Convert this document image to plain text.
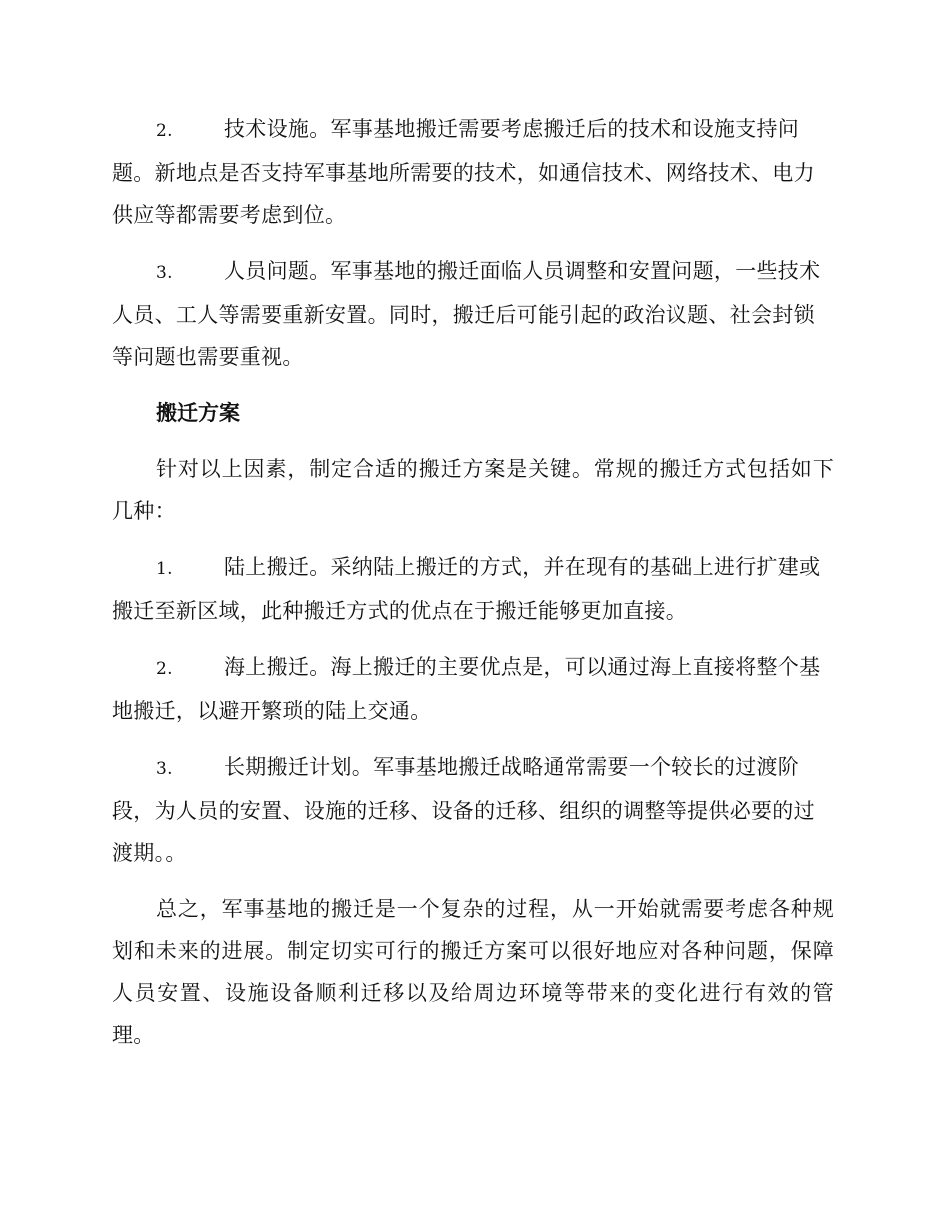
2. 技术设施。军事基地搬迁需要考虑搬迁后的技术和设施支持问题。新地点是否支持军事基地所需要的技术，如通信技术、网络技术、电力供应等都需要考虑到位。

3. 人员问题。军事基地的搬迁面临人员调整和安置问题，一些技术人员、工人等需要重新安置。同时，搬迁后可能引起的政治议题、社会封锁等问题也需要重视。

搬迁方案

针对以上因素，制定合适的搬迁方案是关键。常规的搬迁方式包括如下几种：

1. 陆上搬迁。采纳陆上搬迁的方式，并在现有的基础上进行扩建或搬迁至新区域，此种搬迁方式的优点在于搬迁能够更加直接。

2. 海上搬迁。海上搬迁的主要优点是，可以通过海上直接将整个基地搬迁，以避开繁琐的陆上交通。

3. 长期搬迁计划。军事基地搬迁战略通常需要一个较长的过渡阶段，为人员的安置、设施的迁移、设备的迁移、组织的调整等提供必要的过渡期。。

总之，军事基地的搬迁是一个复杂的过程，从一开始就需要考虑各种规划和未来的进展。制定切实可行的搬迁方案可以很好地应对各种问题，保障人员安置、设施设备顺利迁移以及给周边环境等带来的变化进行有效的管理。
